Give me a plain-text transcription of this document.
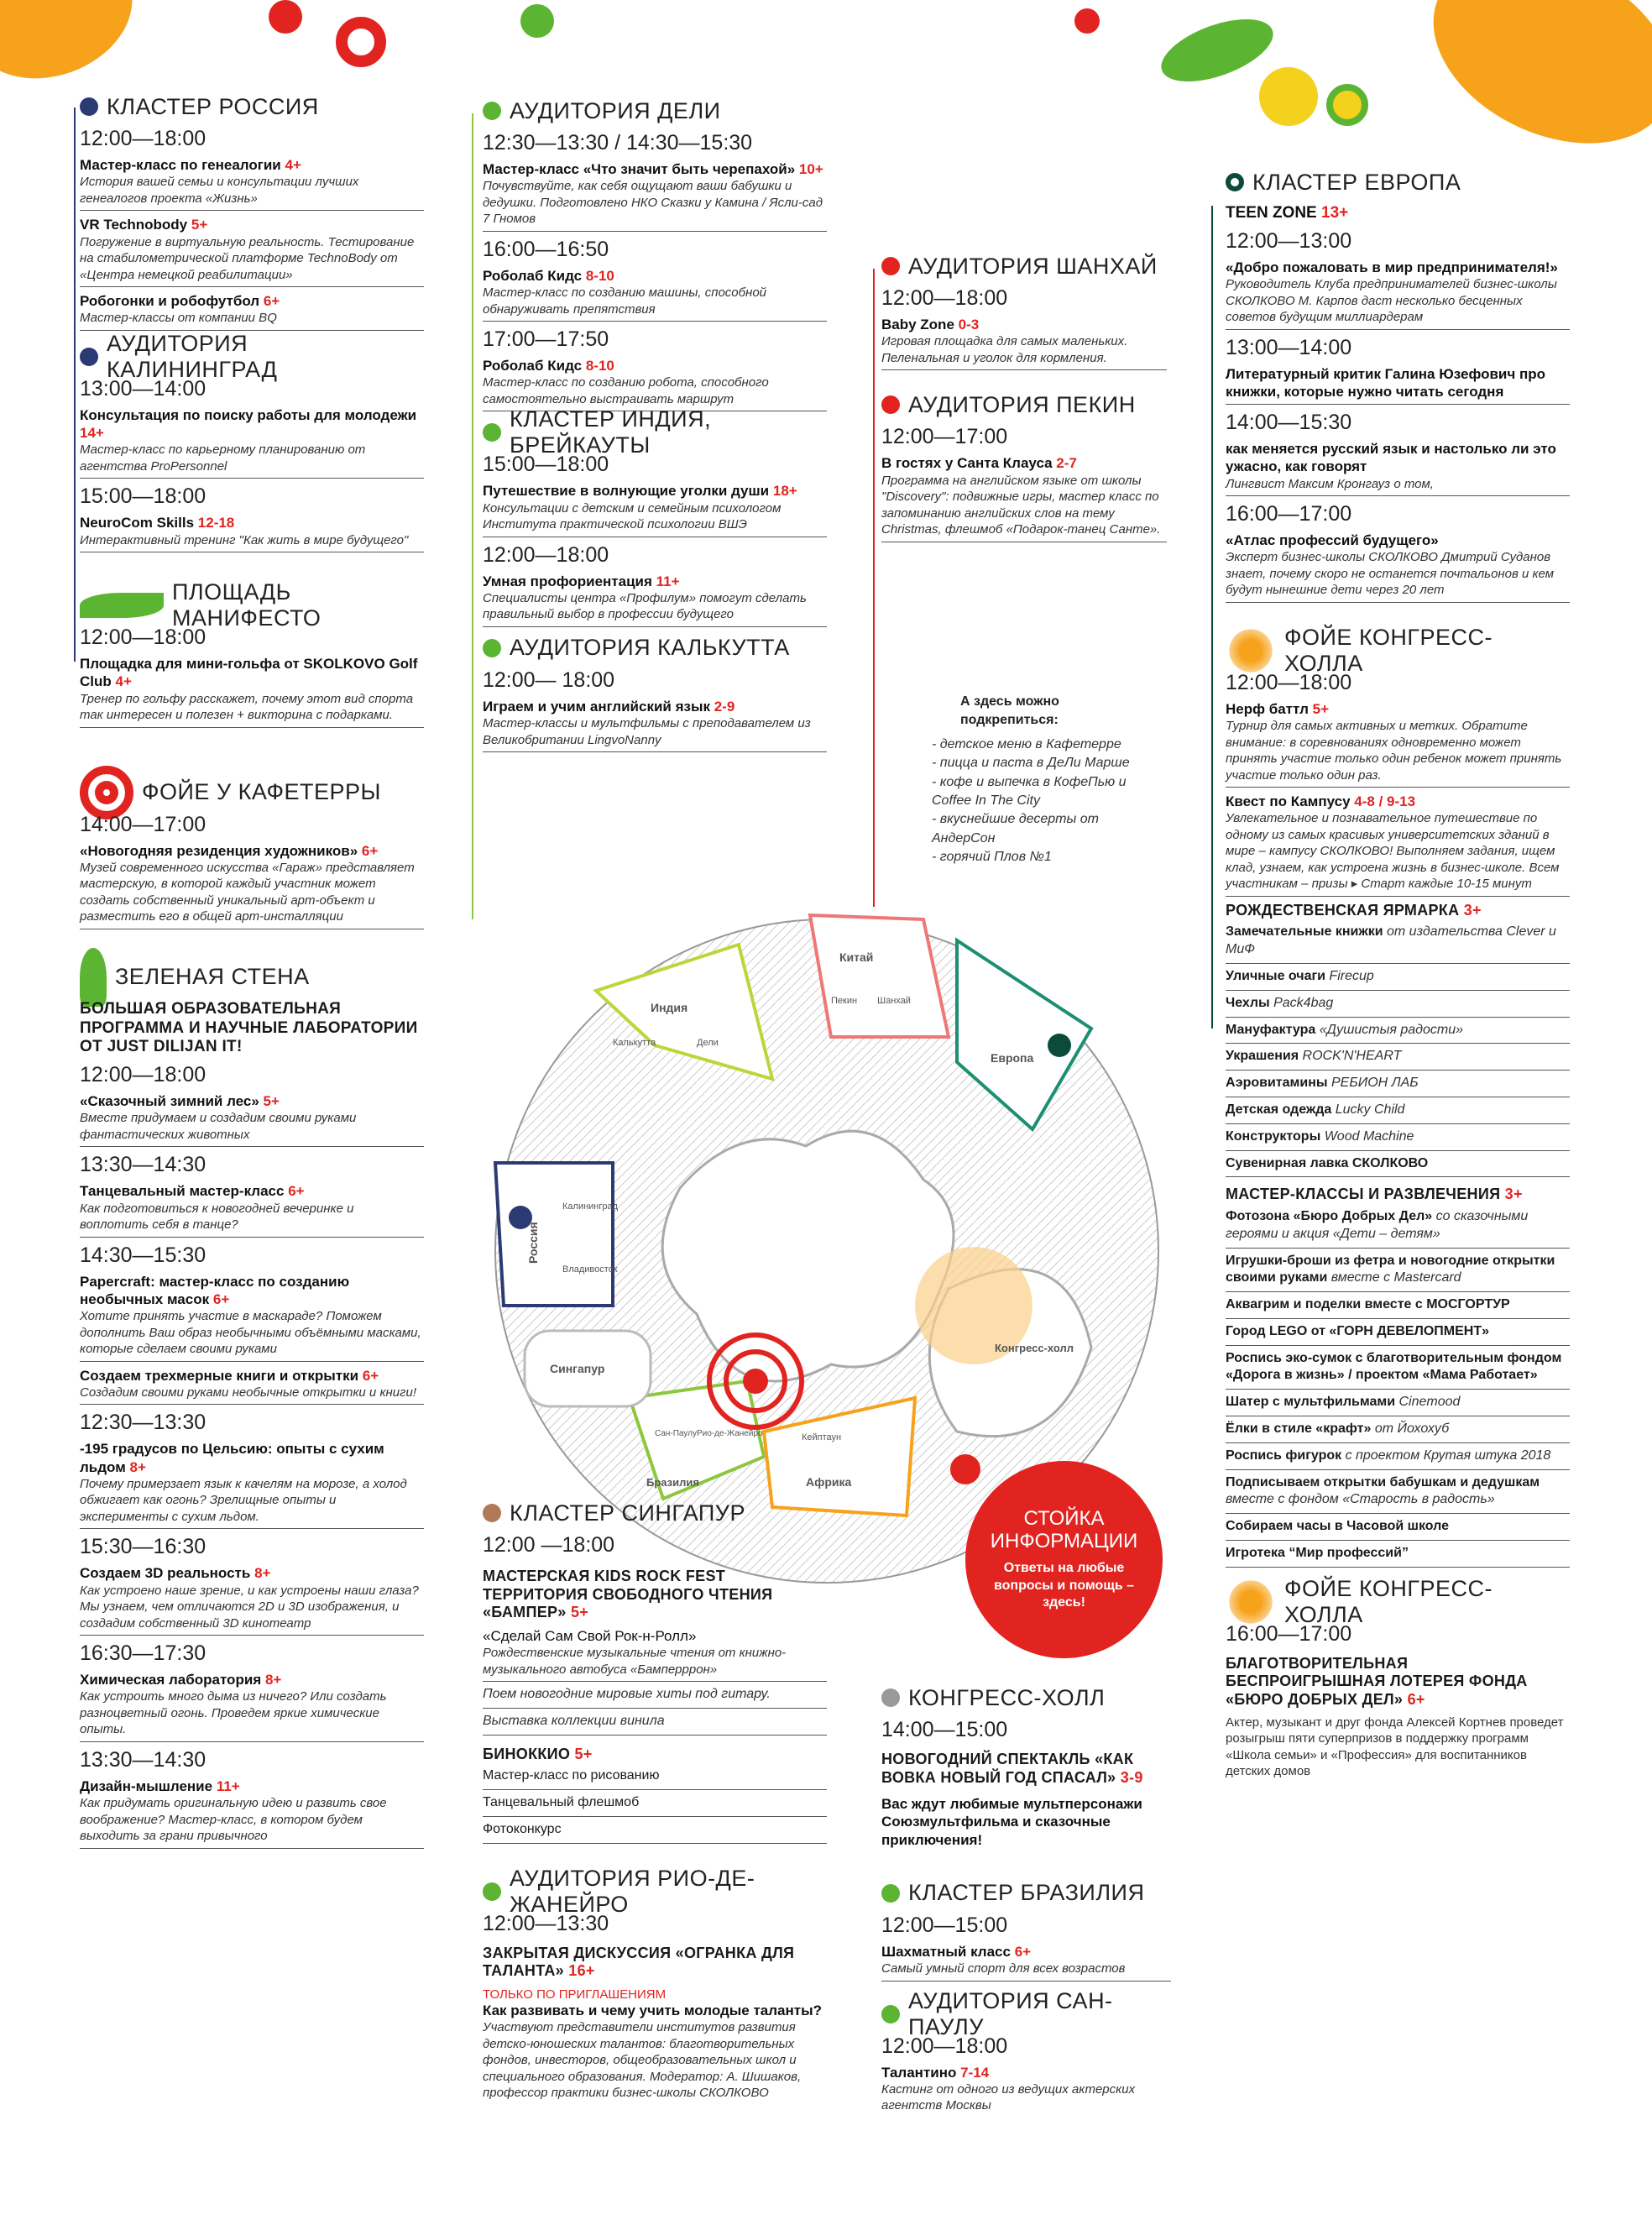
КЛАСТЕР РОССИЯ
12:00—18:00
Мастер-класс по генеалогии 4+
История вашей семьи и консультации лучших генеалогов проекта «Жизнь»
VR Technobody 5+
Погружение в виртуальную реальность. Тестирование на стабилометрической платформе TechnoBody от «Центра немецкой реабилитации»
Робогонки и робофутбол 6+
Мастер-классы от компании BQ
АУДИТОРИЯ КАЛИНИНГРАД
13:00—14:00
Консультация по поиску работы для молодежи 14+
Мастер-класс по карьерному планированию от агентства ProPersonnel
15:00—18:00
NeuroCom Skills 12-18
Интерактивный тренинг "Как жить в мире будущего"
ПЛОЩАДЬ МАНИФЕСТО
12:00—18:00
Площадка для мини-гольфа от SKOLKOVO Golf Club 4+
Тренер по гольфу расскажет, почему этот вид спорта так интересен и полезен + викторина с подарками.
ФОЙЕ У КАФЕТЕРРЫ
14:00—17:00
«Новогодняя резиденция художников» 6+
Музей современного искусства «Гараж» представляет мастерскую, в которой каждый участник может создать собственный уникальный арт-объект и разместить его в общей арт-инсталляции
ЗЕЛЕНАЯ СТЕНА
БОЛЬШАЯ ОБРАЗОВАТЕЛЬНАЯ ПРОГРАММА И НАУЧНЫЕ ЛАБОРАТОРИИ ОТ JUST DILIJAN IT!
12:00—18:00
«Сказочный зимний лес» 5+
Вместе придумаем и создадим своими руками фантастических животных
13:30—14:30
Танцевальный мастер-класс 6+
Как подготовиться к новогодней вечеринке и воплотить себя в танце?
14:30—15:30
Papercraft: мастер-класс по созданию необычных масок 6+
Хотите принять участие в маскараде? Поможем дополнить Ваш образ необычными объёмными масками, которые сделаем своими руками
Создаем трехмерные книги и открытки 6+
Создадим своими руками необычные открытки и книги!
12:30—13:30
-195 градусов по Цельсию: опыты с сухим льдом 8+
Почему примерзает язык к качелям на морозе, а холод обжигает как огонь? Зрелищные опыты и эксперименты с сухим льдом.
15:30—16:30
Создаем 3D реальность 8+
Как устроено наше зрение, и как устроены наши глаза? Мы узнаем, чем отличаются 2D и 3D изображения, и создадим собственный 3D кинотеатр
16:30—17:30
Химическая лаборатория 8+
Как устроить много дыма из ничего? Или создать разноцветный огонь. Проведем яркие химические опыты.
13:30—14:30
Дизайн-мышление 11+
Как придумать оригинальную идею и развить свое воображение? Мастер-класс, в котором будем выходить за грани привычного
АУДИТОРИЯ ДЕЛИ
12:30—13:30 / 14:30—15:30
Мастер-класс «Что значит быть черепахой» 10+
Почувствуйте, как себя ощущают ваши бабушки и дедушки. Подготовлено НКО Сказки у Камина / Ясли-сад 7 Гномов
16:00—16:50
Роболаб Кидс 8-10
Мастер-класс по созданию машины, способной обнаруживать препятствия
17:00—17:50
Роболаб Кидс 8-10
Мастер-класс по созданию робота, способного самостоятельно выстраивать маршрут
КЛАСТЕР ИНДИЯ, БРЕЙКАУТЫ
15:00—18:00
Путешествие в волнующие уголки души 18+
Консультации с детским и семейным психологом Института практической психологии ВШЭ
12:00—18:00
Умная профориентация 11+
Специалисты центра «Профилум» помогут сделать правильный выбор в профессии будущего
АУДИТОРИЯ КАЛЬКУТТА
12:00— 18:00
Играем и учим английский язык 2-9
Мастер-классы и мультфильмы с преподавателем из Великобритании LingvoNanny
АУДИТОРИЯ ШАНХАЙ
12:00—18:00
Baby Zone 0-3
Игровая площадка для самых маленьких. Пеленальная и уголок для кормления.
АУДИТОРИЯ ПЕКИН
12:00—17:00
В гостях у Санта Клауса 2-7
Программа на английском языке от школы "Discovery": подвижные игры, мастер класс по запоминанию английских слов на тему Christmas, флешмоб «Подарок-танец Санте».
А здесь можно подкрепиться:
- детское меню в Кафетерре
- пицца и паста в ДеЛи Марше
- кофе и выпечка в КофеПью и Coffee In The City
- вкуснейшие десерты от АндерСон
- горячий Плов №1
КЛАСТЕР ЕВРОПА
TEEN ZONE 13+
12:00—13:00
«Добро пожаловать в мир предпринимателя!»
Руководитель Клуба предпринимателей бизнес-школы СКОЛКОВО М. Карпов даст несколько бесценных советов будущим миллиардерам
13:00—14:00
Литературный критик Галина Юзефович про книжки, которые нужно читать сегодня
14:00—15:30
как меняется русский язык и настолько ли это ужасно, как говорят
Лингвист Максим Кронгауз о том,
16:00—17:00
«Атлас профессий будущего»
Эксперт бизнес-школы СКОЛКОВО Дмитрий Суданов знает, почему скоро не останется почтальонов и кем будут нынешние дети через 20 лет
ФОЙЕ КОНГРЕСС-ХОЛЛА
12:00—18:00
Нерф баттл 5+
Турнир для самых активных и метких. Обратите внимание: в соревнованиях одновременно может принять участие только один ребенок может принять участие только один раз.
Квест по Кампусу 4-8 / 9-13
Увлекательное и познавательное путешествие по одному из самых красивых университетских зданий в мире – кампусу СКОЛКОВО! Выполняем задания, ищем клад, узнаем, как устроена жизнь в бизнес-школе. Всем участникам – призы ▸ Старт каждые 10-15 минут
РОЖДЕСТВЕНСКАЯ ЯРМАРКА 3+
Замечательные книжки от издательства Clever и МиФ
Уличные очаги Firecup
Чехлы Pack4bag
Мануфактура «Душистыя радости»
Украшения ROCK'N'HEART
Аэровитамины РЕБИОН ЛАБ
Детская одежда Lucky Child
Конструкторы Wood Machine
Сувенирная лавка СКОЛКОВО
МАСТЕР-КЛАССЫ И РАЗВЛЕЧЕНИЯ 3+
Фотозона «Бюро Добрых Дел» со сказочными героями и акция «Дети – детям»
Игрушки-броши из фетра и новогодние открытки своими руками вместе с Mastercard
Аквагрим и поделки вместе с МОСГОРТУР
Город LEGO от «ГОРН ДЕВЕЛОПМЕНТ»
Роспись эко-сумок с благотворительным фондом «Дорога в жизнь» / проектом «Мама Работает»
Шатер с мультфильмами Cinemood
Ёлки в стиле «крафт» от Йохохуб
Роспись фигурок с проектом Крутая штука 2018
Подписываем открытки бабушкам и дедушкам вместе с фондом «Старость в радость»
Собираем часы в Часовой школе
Игротека “Мир профессий”
ФОЙЕ КОНГРЕСС-ХОЛЛА
16:00—17:00
БЛАГОТВОРИТЕЛЬНАЯ БЕСПРОИГРЫШНАЯ ЛОТЕРЕЯ ФОНДА «БЮРО ДОБРЫХ ДЕЛ» 6+
Актер, музыкант и друг фонда Алексей Кортнев проведет розыгрыш пяти суперпризов в поддержку программ «Школа семьи» и «Профессия» для воспитанников детских домов
Индия
Калькутта	Дели
Китай
Пекин Шанхай
Европа
Россия
Калининград
Владивосток
Сингапур
Конгресс-холл
Сан-Паулу Рио-де-Жанейро
Бразилия
Кейптаун
Африка
СТОЙКА ИНФОРМАЦИИ
Ответы на любые вопросы и помощь – здесь!
КЛАСТЕР СИНГАПУР
12:00 —18:00
МАСТЕРСКАЯ KIDS ROCK FEST ТЕРРИТОРИЯ СВОБОДНОГО ЧТЕНИЯ «БАМПЕР» 5+
«Сделай Сам Свой Рок-н-Ролл»
Рождественские музыкальные чтения от книжно-музыкального автобуса «Бамперррон»
Поем новогодние мировые хиты под гитару.
Выставка коллекции винила
БИНОККИО 5+
Мастер-класс по рисованию
Танцевальный флешмоб
Фотоконкурс
АУДИТОРИЯ РИО-ДЕ-ЖАНЕЙРО
12:00—13:30
ЗАКРЫТАЯ ДИСКУССИЯ «ОГРАНКА ДЛЯ ТАЛАНТА» 16+
ТОЛЬКО ПО ПРИГЛАШЕНИЯМ
Как развивать и чему учить молодые таланты?
Участвуют представители институтов развития детско-юношеских талантов: благотворительных фондов, инвесторов, общеобразовательных школ и специального образования. Модератор: А. Шишаков, профессор практики бизнес-школы СКОЛКОВО
КОНГРЕСС-ХОЛЛ
14:00—15:00
НОВОГОДНИЙ СПЕКТАКЛЬ «КАК ВОВКА НОВЫЙ ГОД СПАСАЛ» 3-9
Вас ждут любимые мультперсонажи Союзмультфильма и сказочные приключения!
КЛАСТЕР БРАЗИЛИЯ
12:00—15:00
Шахматный класс 6+
Самый умный спорт для всех возрастов
АУДИТОРИЯ САН-ПАУЛУ
12:00—18:00
Талантино 7-14
Кастинг от одного из ведущих актерских агентств Москвы
